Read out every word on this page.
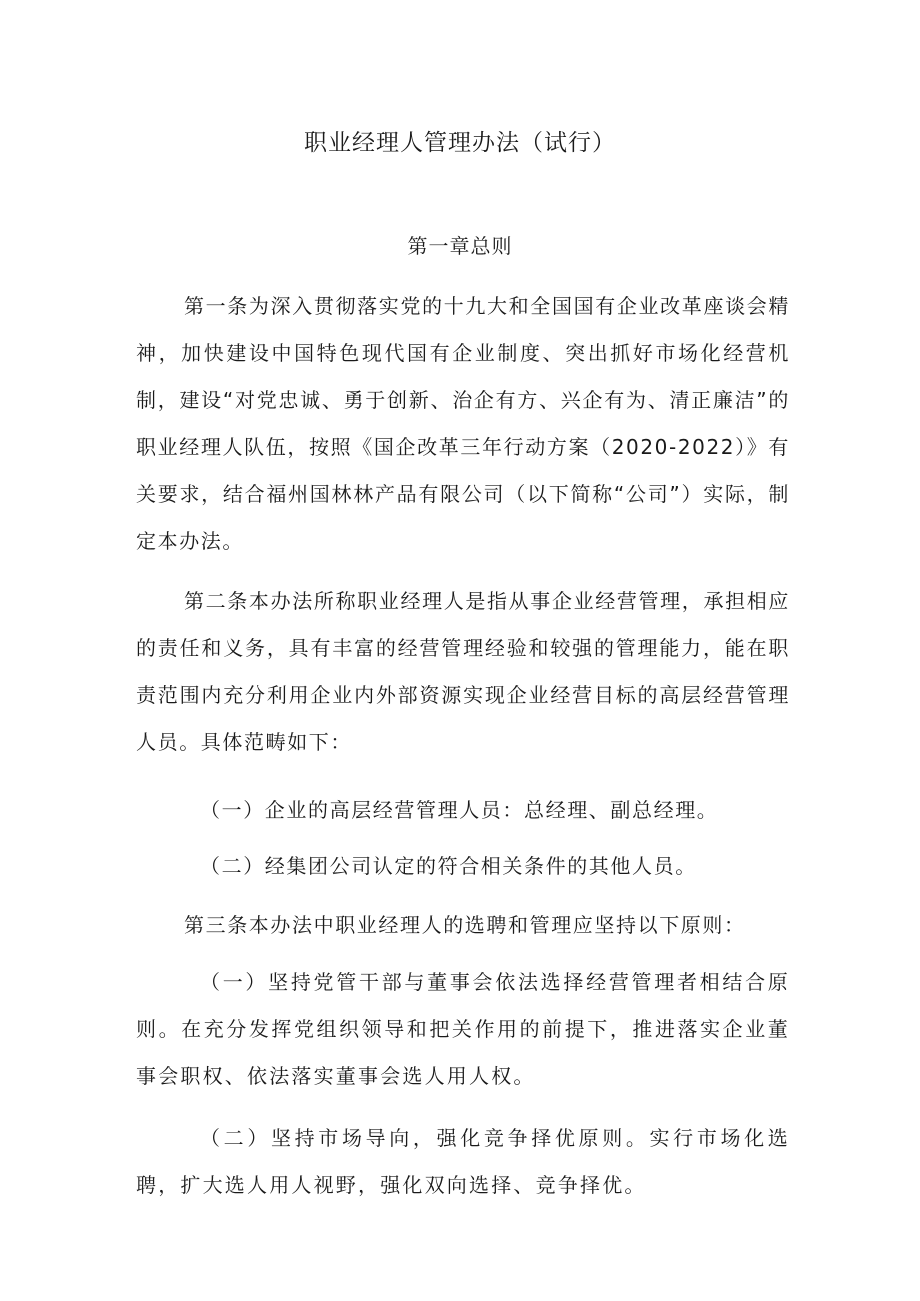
职业经理人管理办法（试行）
第一章总则

第一条为深入贯彻落实党的十九大和全国国有企业改革座谈会精神，加快建设中国特色现代国有企业制度、突出抓好市场化经营机制，建设“对党忠诚、勇于创新、治企有方、兴企有为、清正廉洁”的职业经理人队伍，按照《国企改革三年行动方案（2020-2022）》有关要求，结合福州国林林产品有限公司（以下简称“公司”）实际，制定本办法。

第二条本办法所称职业经理人是指从事企业经营管理，承担相应的责任和义务，具有丰富的经营管理经验和较强的管理能力，能在职责范围内充分利用企业内外部资源实现企业经营目标的高层经营管理人员。具体范畴如下：

（一）企业的高层经营管理人员：总经理、副总经理。

（二）经集团公司认定的符合相关条件的其他人员。

第三条本办法中职业经理人的选聘和管理应坚持以下原则：

（一）坚持党管干部与董事会依法选择经营管理者相结合原则。在充分发挥党组织领导和把关作用的前提下，推进落实企业董事会职权、依法落实董事会选人用人权。

（二）坚持市场导向，强化竞争择优原则。实行市场化选聘，扩大选人用人视野，强化双向选择、竞争择优。
